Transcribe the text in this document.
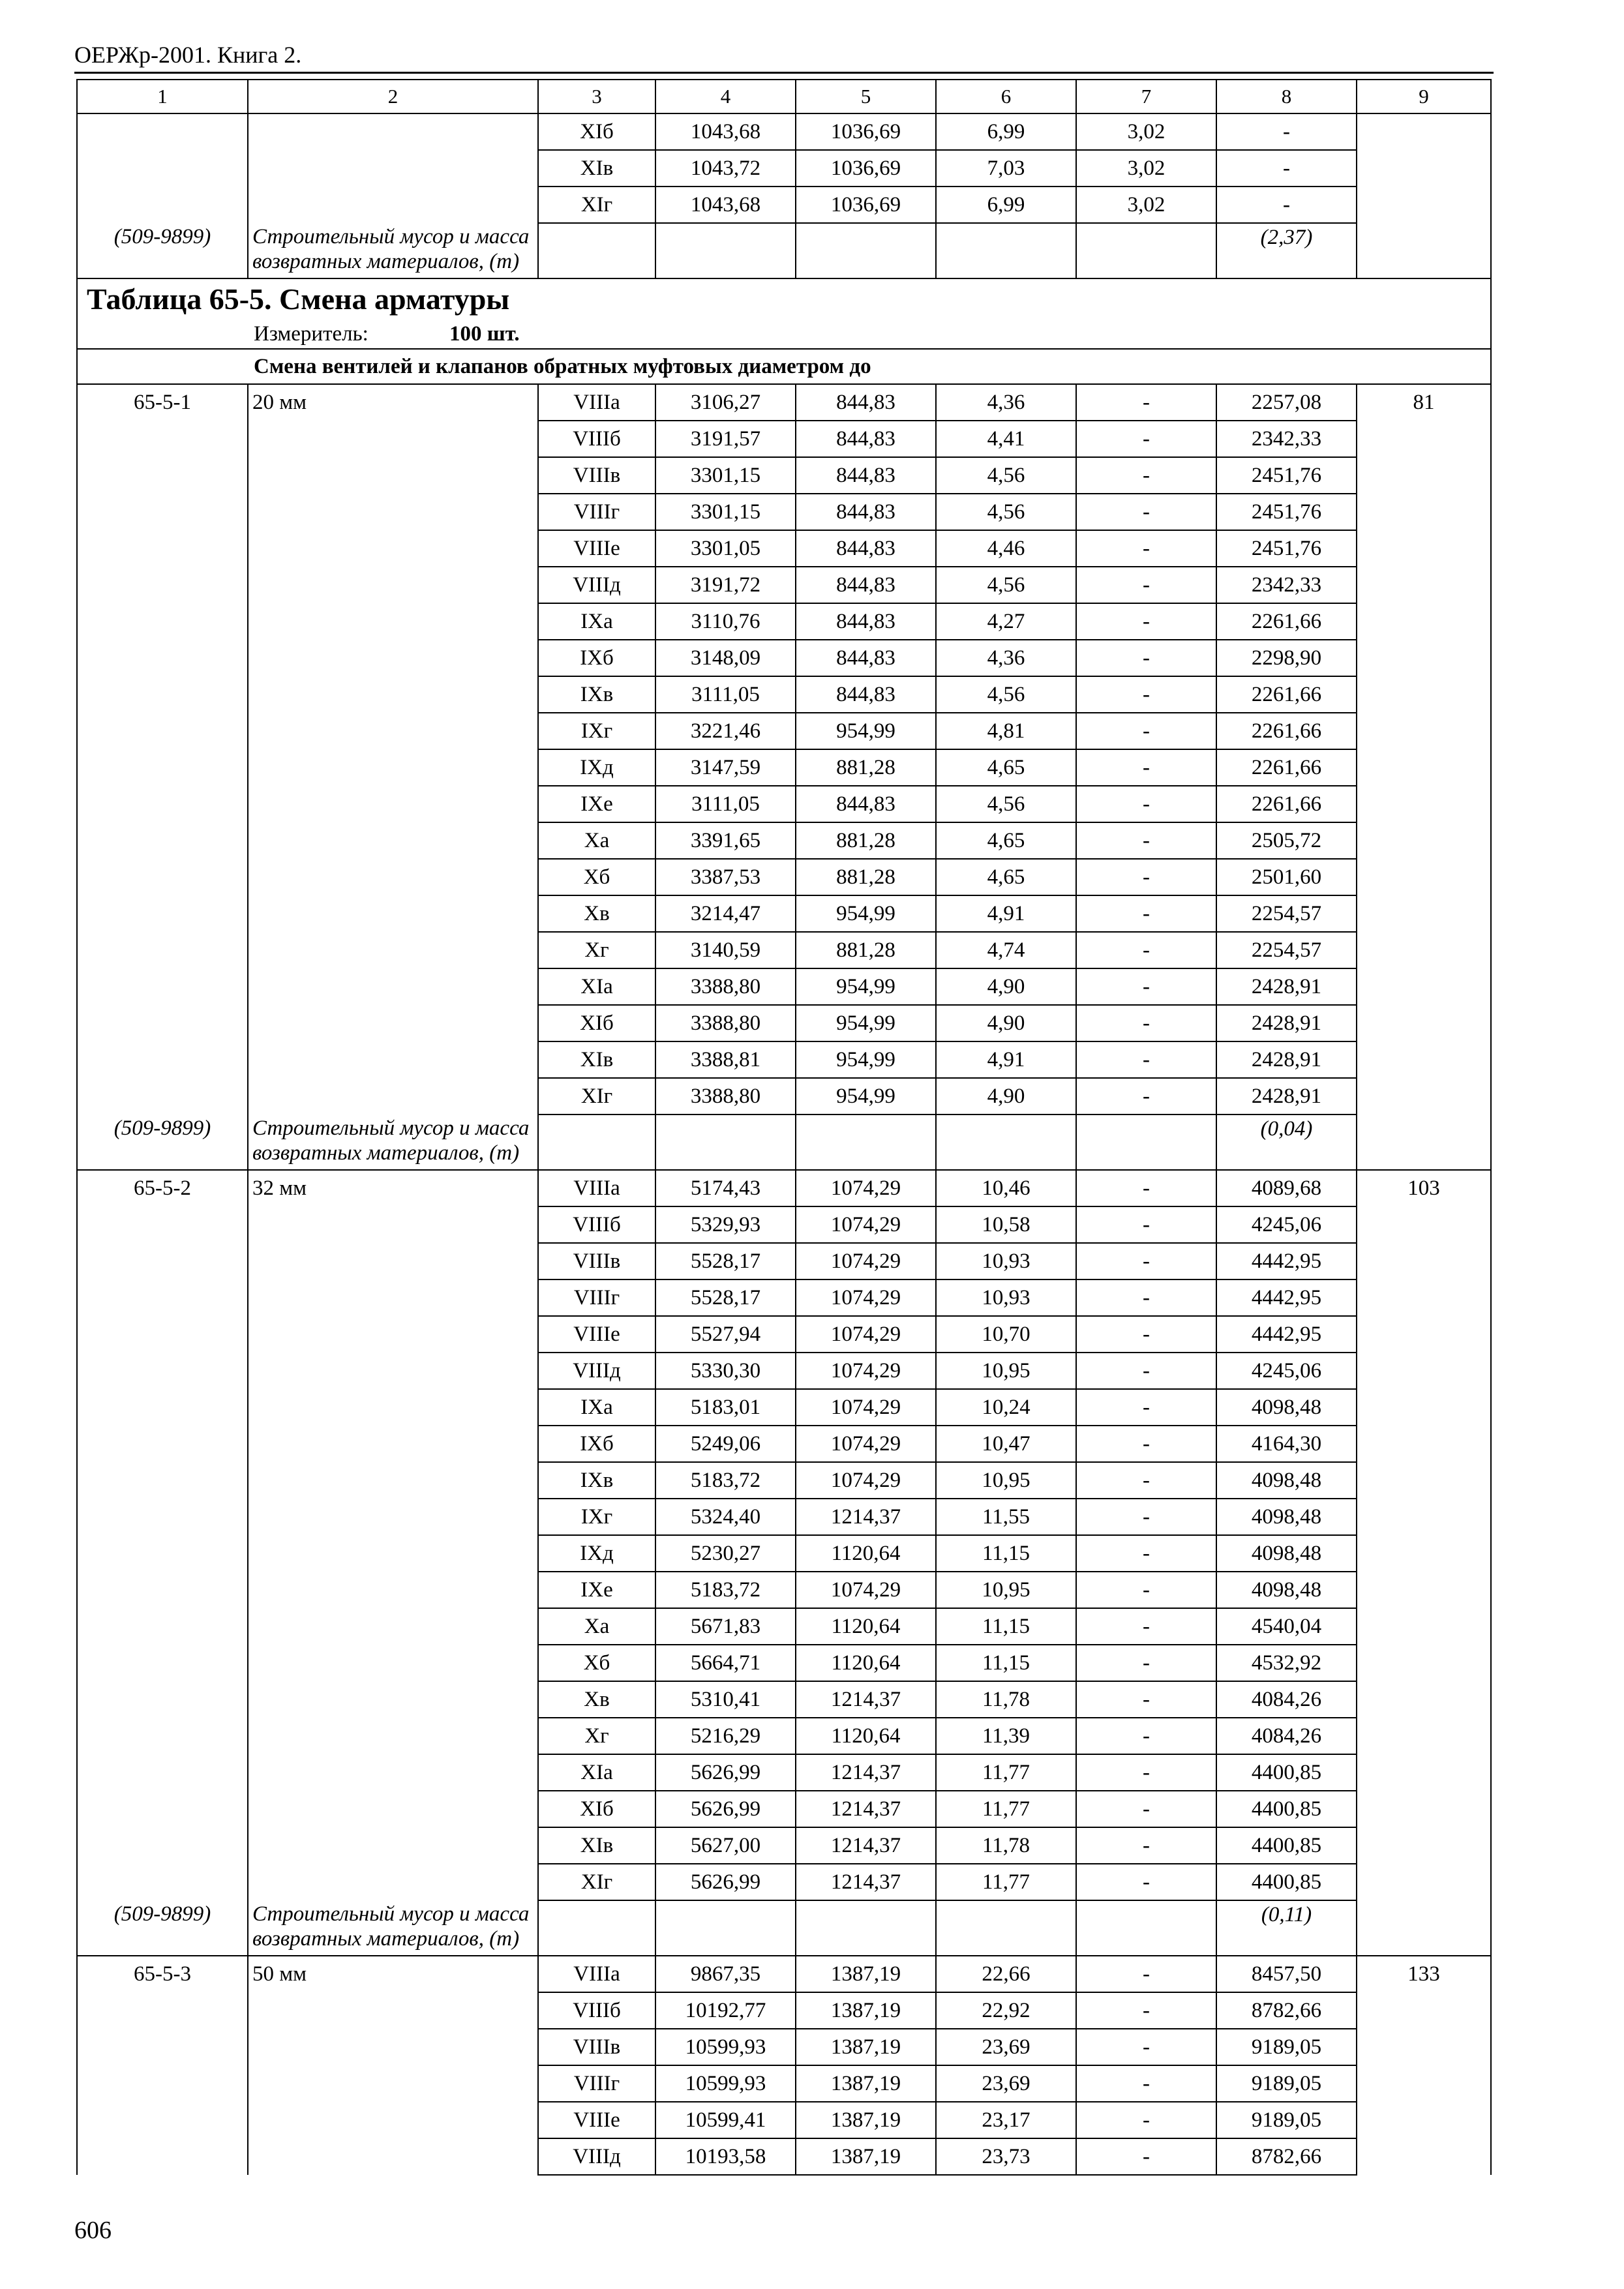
ОЕРЖр-2001. Книга 2.
1	2	3	4	5	6	7	8	9
		XIб	1043,68	1036,69	6,99	3,02	-	
		XIв	1043,72	1036,69	7,03	3,02	-	
		XIг	1043,68	1036,69	6,99	3,02	-	
(509-9899)	Строительный мусор и масса возвратных материалов, (т)						(2,37)	
Таблица 65-5. Смена арматуры								
Измеритель: 100 шт.								
Смена вентилей и клапанов обратных муфтовых диаметром до								
65-5-1	20 мм	VIIIа	3106,27	844,83	4,36	-	2257,08	81
		VIIIб	3191,57	844,83	4,41	-	2342,33	
		VIIIв	3301,15	844,83	4,56	-	2451,76	
		VIIIг	3301,15	844,83	4,56	-	2451,76	
		VIIIе	3301,05	844,83	4,46	-	2451,76	
		VIIIд	3191,72	844,83	4,56	-	2342,33	
		IXа	3110,76	844,83	4,27	-	2261,66	
		IXб	3148,09	844,83	4,36	-	2298,90	
		IXв	3111,05	844,83	4,56	-	2261,66	
		IXг	3221,46	954,99	4,81	-	2261,66	
		IXд	3147,59	881,28	4,65	-	2261,66	
		IXе	3111,05	844,83	4,56	-	2261,66	
		Xа	3391,65	881,28	4,65	-	2505,72	
		Xб	3387,53	881,28	4,65	-	2501,60	
		Xв	3214,47	954,99	4,91	-	2254,57	
		Xг	3140,59	881,28	4,74	-	2254,57	
		XIа	3388,80	954,99	4,90	-	2428,91	
		XIб	3388,80	954,99	4,90	-	2428,91	
		XIв	3388,81	954,99	4,91	-	2428,91	
		XIг	3388,80	954,99	4,90	-	2428,91	
(509-9899)	Строительный мусор и масса возвратных материалов, (т)						(0,04)	
65-5-2	32 мм	VIIIа	5174,43	1074,29	10,46	-	4089,68	103
		VIIIб	5329,93	1074,29	10,58	-	4245,06	
		VIIIв	5528,17	1074,29	10,93	-	4442,95	
		VIIIг	5528,17	1074,29	10,93	-	4442,95	
		VIIIе	5527,94	1074,29	10,70	-	4442,95	
		VIIIд	5330,30	1074,29	10,95	-	4245,06	
		IXа	5183,01	1074,29	10,24	-	4098,48	
		IXб	5249,06	1074,29	10,47	-	4164,30	
		IXв	5183,72	1074,29	10,95	-	4098,48	
		IXг	5324,40	1214,37	11,55	-	4098,48	
		IXд	5230,27	1120,64	11,15	-	4098,48	
		IXе	5183,72	1074,29	10,95	-	4098,48	
		Xа	5671,83	1120,64	11,15	-	4540,04	
		Xб	5664,71	1120,64	11,15	-	4532,92	
		Xв	5310,41	1214,37	11,78	-	4084,26	
		Xг	5216,29	1120,64	11,39	-	4084,26	
		XIа	5626,99	1214,37	11,77	-	4400,85	
		XIб	5626,99	1214,37	11,77	-	4400,85	
		XIв	5627,00	1214,37	11,78	-	4400,85	
		XIг	5626,99	1214,37	11,77	-	4400,85	
(509-9899)	Строительный мусор и масса возвратных материалов, (т)						(0,11)	
65-5-3	50 мм	VIIIа	9867,35	1387,19	22,66	-	8457,50	133
		VIIIб	10192,77	1387,19	22,92	-	8782,66	
		VIIIв	10599,93	1387,19	23,69	-	9189,05	
		VIIIг	10599,93	1387,19	23,69	-	9189,05	
		VIIIе	10599,41	1387,19	23,17	-	9189,05	
		VIIIд	10193,58	1387,19	23,73	-	8782,66	
606
